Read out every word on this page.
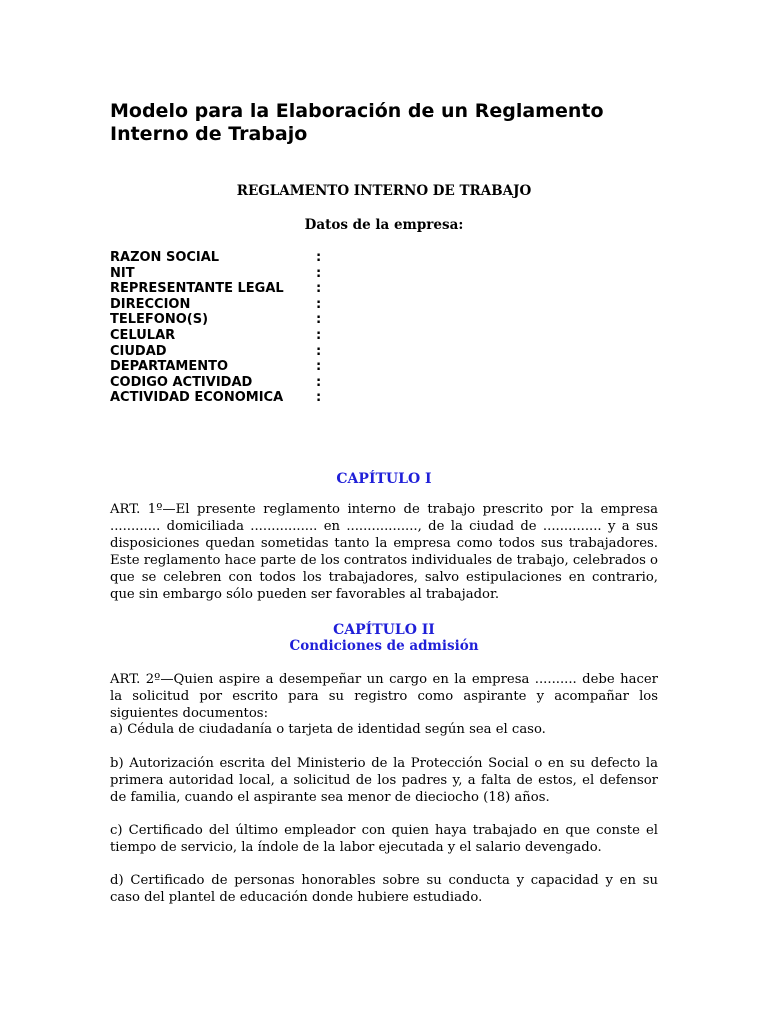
Modelo para la Elaboración de un Reglamento Interno de Trabajo

REGLAMENTO INTERNO DE TRABAJO

Datos de la empresa:

RAZON SOCIAL	:
NIT	:
REPRESENTANTE LEGAL :
DIRECCION	:
TELEFONO(S)	:
CELULAR	:
CIUDAD	:
DEPARTAMENTO	:
CODIGO ACTIVIDAD	:
ACTIVIDAD ECONOMICA	:
CAPÍTULO I

ART. 1º—El presente reglamento interno de trabajo prescrito por la empresa ............ domiciliada ................ en ................., de la ciudad de .............. y a sus disposiciones quedan sometidas tanto la empresa como todos sus trabajadores. Este reglamento hace parte de los contratos individuales de trabajo, celebrados o que se celebren con todos los trabajadores, salvo estipulaciones en contrario, que sin embargo sólo pueden ser favorables al trabajador.

CAPÍTULO II
Condiciones de admisión

ART. 2º—Quien aspire a desempeñar un cargo en la empresa .......... debe hacer la solicitud por escrito para su registro como aspirante y acompañar los siguientes documentos:

a) Cédula de ciudadanía o tarjeta de identidad según sea el caso.

b) Autorización escrita del Ministerio de la Protección Social o en su defecto la primera autoridad local, a solicitud de los padres y, a falta de estos, el defensor de familia, cuando el aspirante sea menor de dieciocho (18) años.

c) Certificado del último empleador con quien haya trabajado en que conste el tiempo de servicio, la índole de la labor ejecutada y el salario devengado.

d) Certificado de personas honorables sobre su conducta y capacidad y en su caso del plantel de educación donde hubiere estudiado.
